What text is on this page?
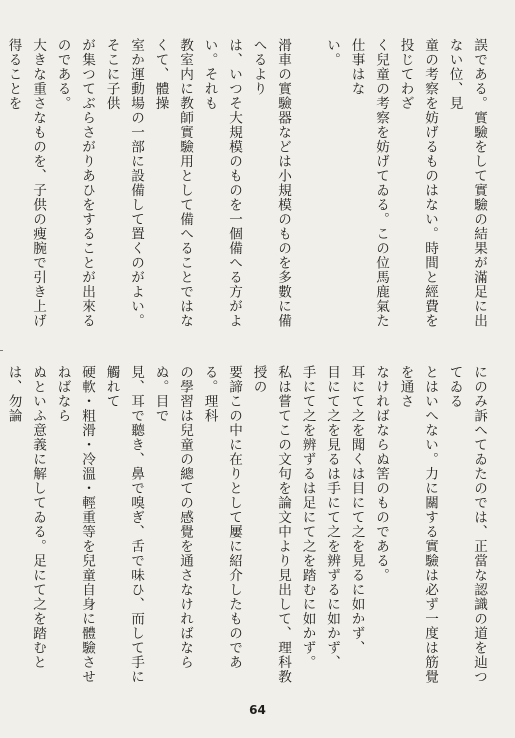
誤である。實驗をして實驗の結果が滿足に出ない位、見

童の考察を妨げるものはない。時間と經費を投じてわざ

く兒童の考察を妨げてゐる。この位馬鹿氣た仕事はな

い。

滑車の實驗器などは小規模のものを多數に備へるより

は、いつそ大規模のものを一個備へる方がよい。それも

教室内に教師實驗用として備へることではなくて、體操

室か運動場の一部に設備して置くのがよい。そこに子供

が集つてぶらさがりあひをすることが出來るのである。

大きな重さなものを、子供の痩腕で引き上げ得ることを

にのみ訴へてゐたのでは、正當な認識の道を辿つてゐる

とはいへない。力に關する實驗は必ず一度は筋覺を通さ

なければならぬ筈のものである。

耳にて之を聞くは目にて之を見るに如かず、

目にて之を見るは手にて之を辨ずるに如かず、

手にて之を辨ずるは足にて之を踏むに如かず。

私は嘗てこの文句を論文中より見出して、理科教授の

要諦この中に在りとして屢に紹介したものである。理科

の學習は兒童の總ての感覺を通さなければならぬ。目で

見、耳で聽き、鼻で嗅ぎ、舌で味ひ、而して手に觸れて

硬軟・粗滑・冷溫・輕重等を兒童自身に體驗させねばなら

ぬといふ意義に解してゐる。足にて之を踏むとは、勿論

64
